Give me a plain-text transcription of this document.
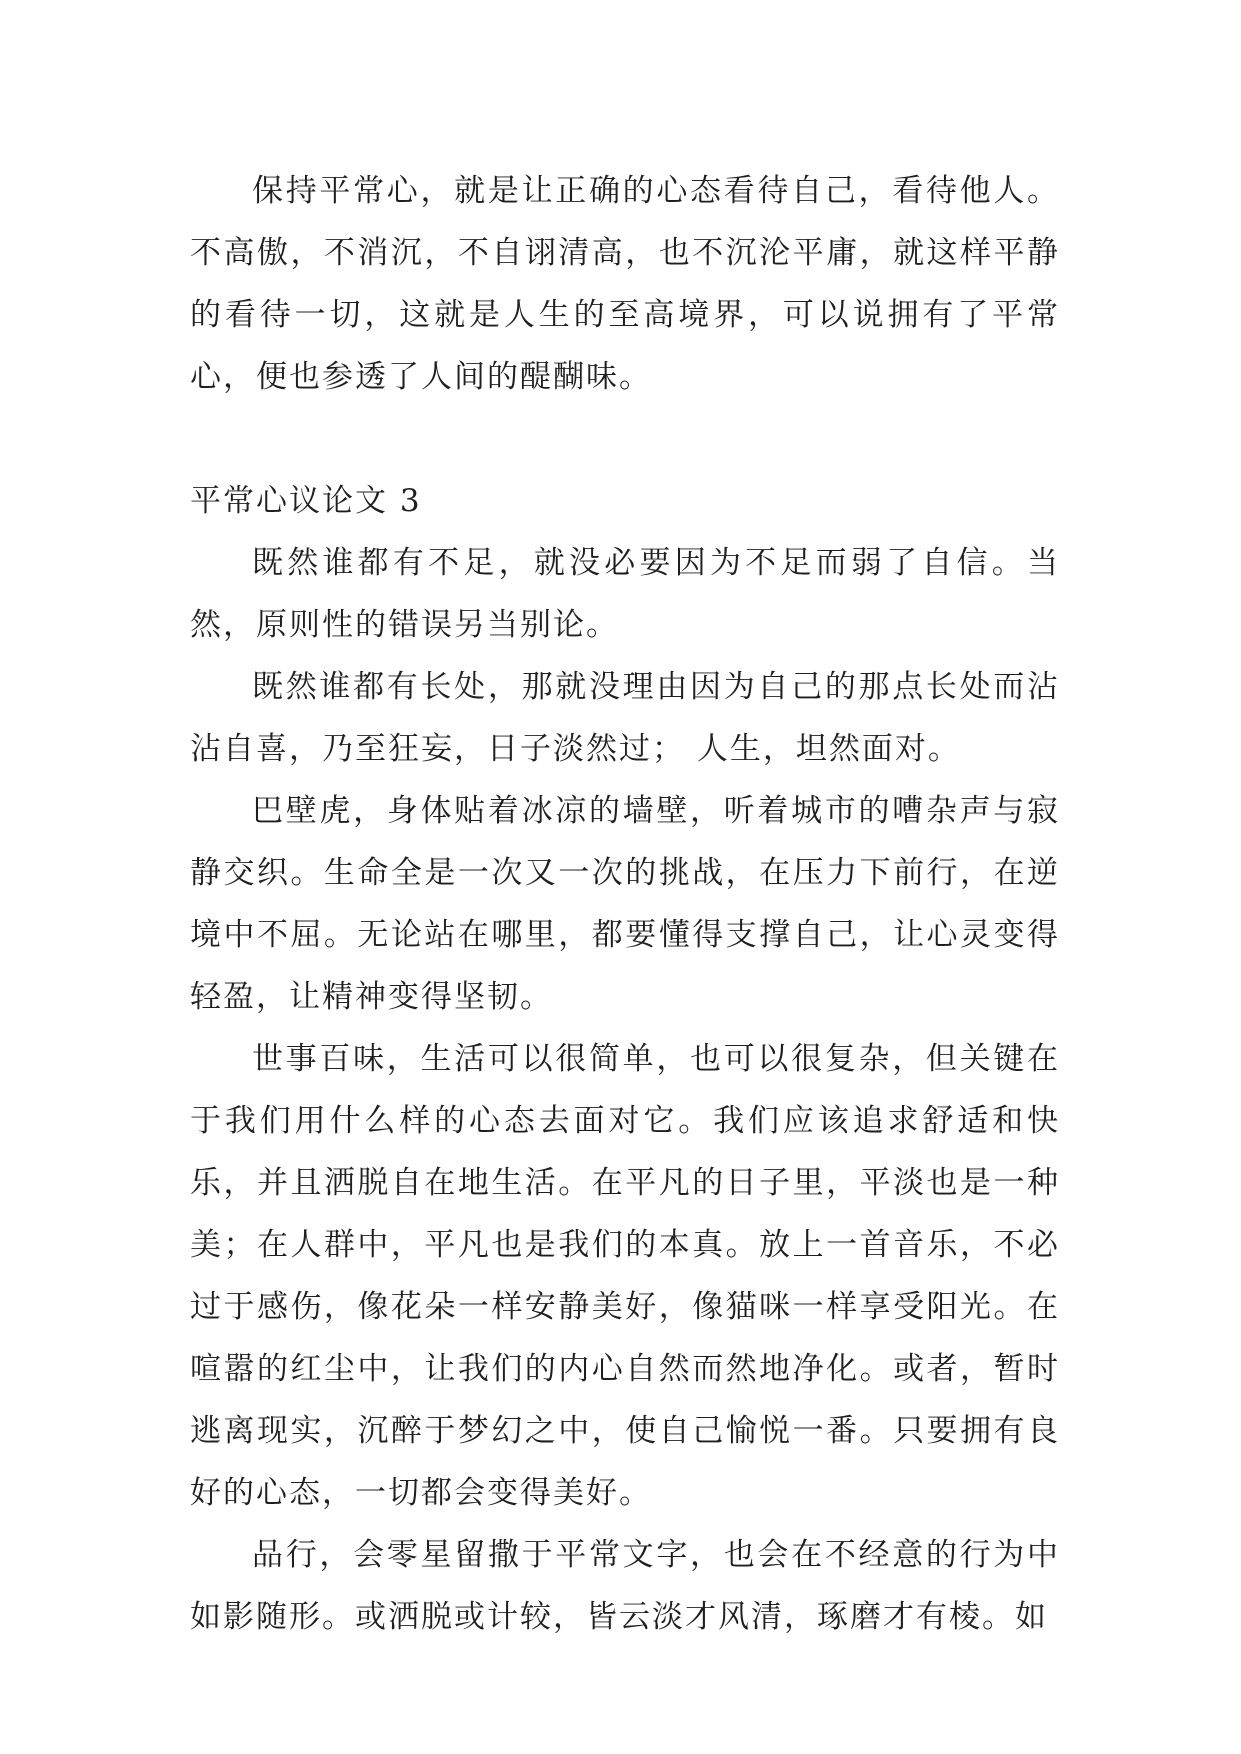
保持平常心，就是让正确的心态看待自己，看待他人。不高傲，不消沉，不自诩清高，也不沉沦平庸，就这样平静的看待一切，这就是人生的至高境界，可以说拥有了平常心，便也参透了人间的醍醐味。

平常心议论文 3

既然谁都有不足，就没必要因为不足而弱了自信。当然，原则性的错误另当别论。

既然谁都有长处，那就没理由因为自己的那点长处而沾沾自喜，乃至狂妄，日子淡然过； 人生，坦然面对。

巴壁虎，身体贴着冰凉的墙壁，听着城市的嘈杂声与寂静交织。生命全是一次又一次的挑战，在压力下前行，在逆境中不屈。无论站在哪里，都要懂得支撑自己，让心灵变得轻盈，让精神变得坚韧。

世事百味，生活可以很简单，也可以很复杂，但关键在于我们用什么样的心态去面对它。我们应该追求舒适和快乐，并且洒脱自在地生活。在平凡的日子里，平淡也是一种美；在人群中，平凡也是我们的本真。放上一首音乐，不必过于感伤，像花朵一样安静美好，像猫咪一样享受阳光。在喧嚣的红尘中，让我们的内心自然而然地净化。或者，暂时逃离现实，沉醉于梦幻之中，使自己愉悦一番。只要拥有良好的心态，一切都会变得美好。

品行，会零星留撒于平常文字，也会在不经意的行为中如影随形。或洒脱或计较，皆云淡才风清，琢磨才有棱。如
